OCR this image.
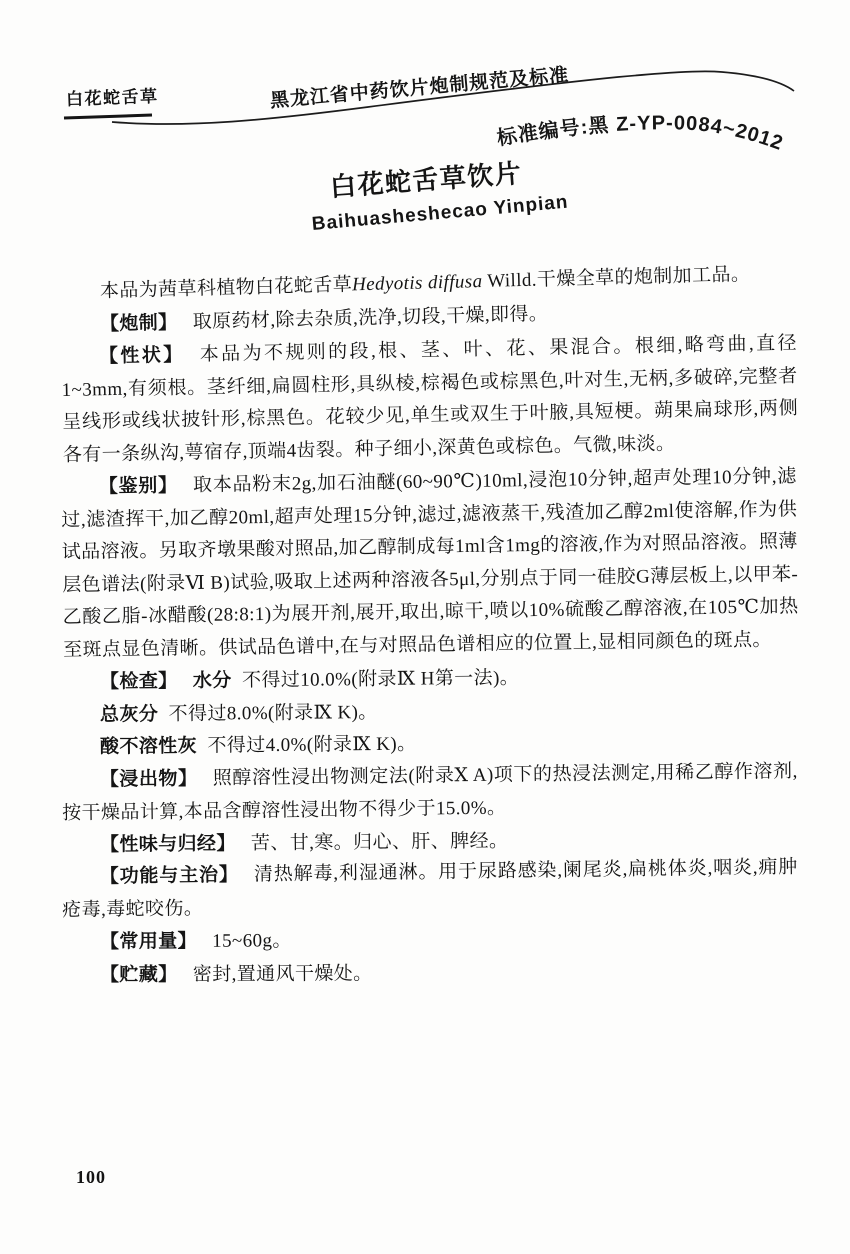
白花蛇舌草	黑龙江省中药饮片炮制规范及标准
标准编号:黑 Z-YP-0084~2012
白花蛇舌草饮片
Baihuasheshecao Yinpian

本品为茜草科植物白花蛇舌草Hedyotis diffusa Willd.干燥全草的炮制加工品。

【炮制】 取原药材,除去杂质,洗净,切段,干燥,即得。

【性状】 本品为不规则的段,根、茎、叶、花、果混合。根细,略弯曲,直径1~3mm,有须根。茎纤细,扁圆柱形,具纵棱,棕褐色或棕黑色,叶对生,无柄,多破碎,完整者呈线形或线状披针形,棕黑色。花较少见,单生或双生于叶腋,具短梗。蒴果扁球形,两侧各有一条纵沟,萼宿存,顶端4齿裂。种子细小,深黄色或棕色。气微,味淡。

【鉴别】 取本品粉末2g,加石油醚(60~90℃)10ml,浸泡10分钟,超声处理10分钟,滤过,滤渣挥干,加乙醇20ml,超声处理15分钟,滤过,滤液蒸干,残渣加乙醇2ml使溶解,作为供试品溶液。另取齐墩果酸对照品,加乙醇制成每1ml含1mg的溶液,作为对照品溶液。照薄层色谱法(附录Ⅵ B)试验,吸取上述两种溶液各5μl,分别点于同一硅胶G薄层板上,以甲苯-乙酸乙脂-冰醋酸(28:8:1)为展开剂,展开,取出,晾干,喷以10%硫酸乙醇溶液,在105℃加热至斑点显色清晰。供试品色谱中,在与对照品色谱相应的位置上,显相同颜色的斑点。

【检查】 水分 不得过10.0%(附录Ⅸ H第一法)。

总灰分 不得过8.0%(附录Ⅸ K)。

酸不溶性灰 不得过4.0%(附录Ⅸ K)。

【浸出物】 照醇溶性浸出物测定法(附录Ⅹ A)项下的热浸法测定,用稀乙醇作溶剂,按干燥品计算,本品含醇溶性浸出物不得少于15.0%。

【性味与归经】 苦、甘,寒。归心、肝、脾经。

【功能与主治】 清热解毒,利湿通淋。用于尿路感染,阑尾炎,扁桃体炎,咽炎,痈肿疮毒,毒蛇咬伤。

【常用量】 15~60g。

【贮藏】 密封,置通风干燥处。

100
